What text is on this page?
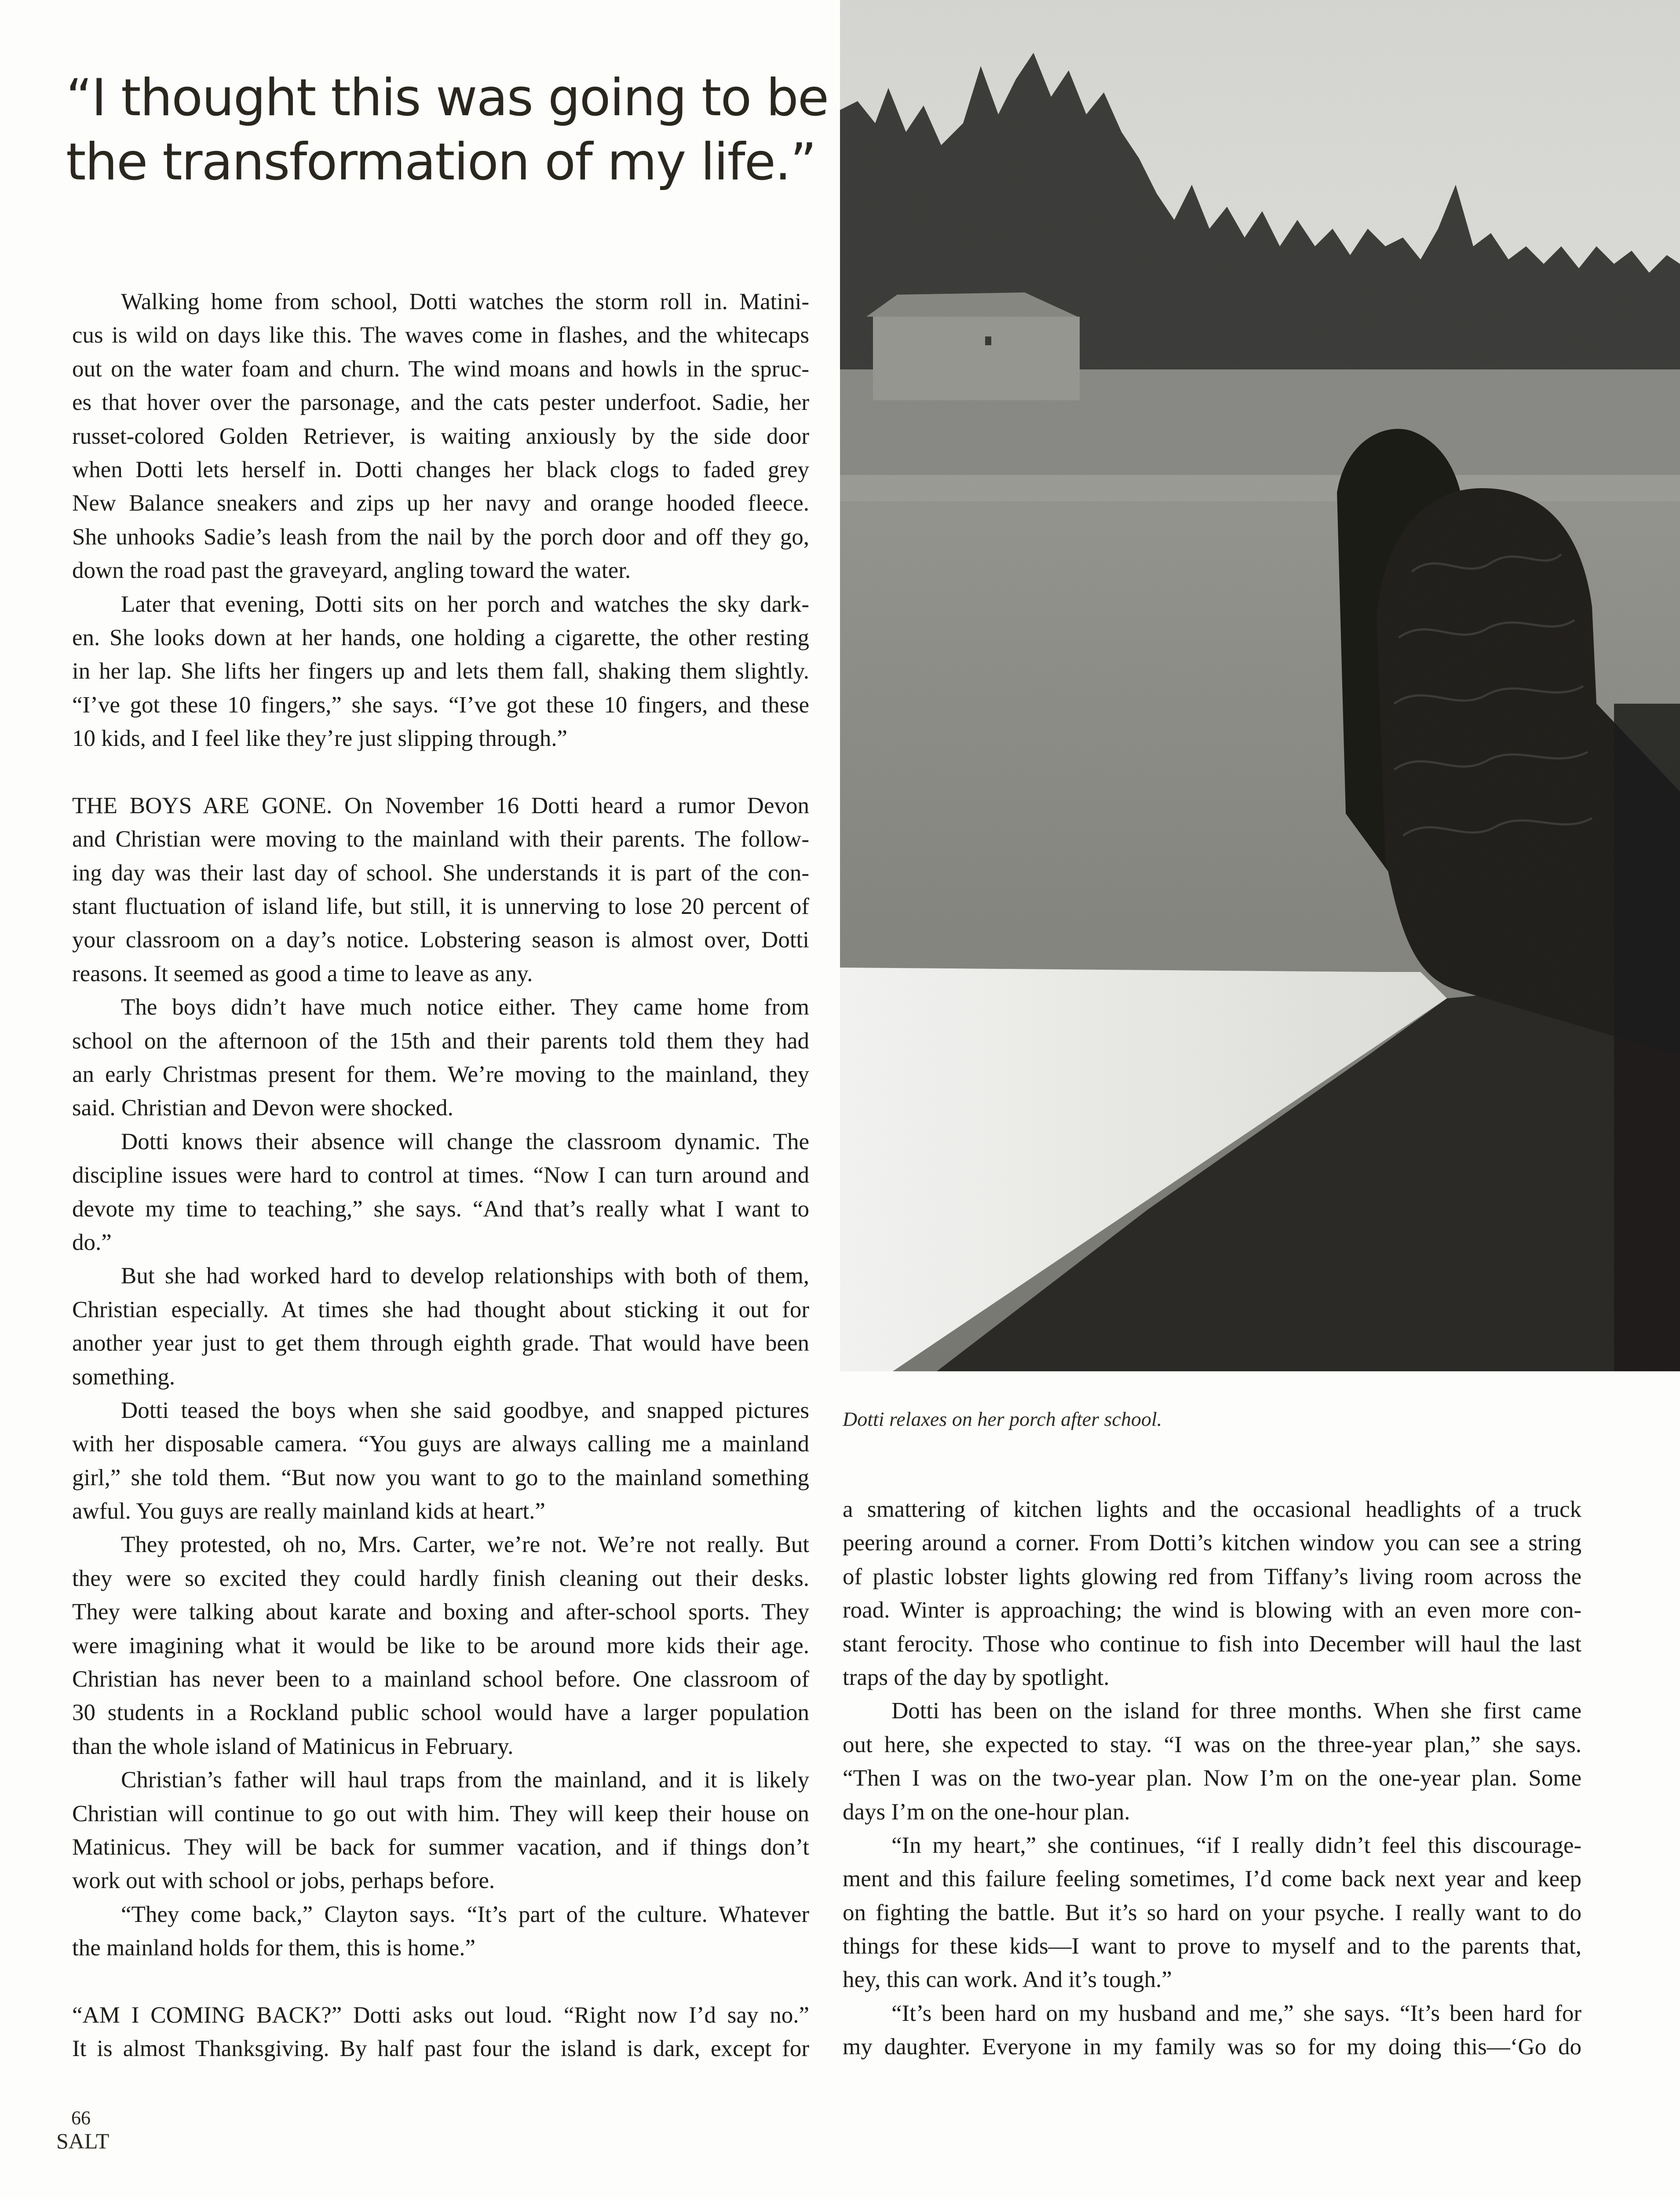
“I thought this was going to be
the transformation of my life.”
Dotti relaxes on her porch after school.

Walking home from school, Dotti watches the storm roll in. Matini-
cus is wild on days like this. The waves come in flashes, and the whitecaps
out on the water foam and churn. The wind moans and howls in the spruc-
es that hover over the parsonage, and the cats pester underfoot. Sadie, her
russet-colored Golden Retriever, is waiting anxiously by the side door
when Dotti lets herself in. Dotti changes her black clogs to faded grey
New Balance sneakers and zips up her navy and orange hooded fleece.
She unhooks Sadie’s leash from the nail by the porch door and off they go,
down the road past the graveyard, angling toward the water.

Later that evening, Dotti sits on her porch and watches the sky dark-
en. She looks down at her hands, one holding a cigarette, the other resting
in her lap. She lifts her fingers up and lets them fall, shaking them slightly.
“I’ve got these 10 fingers,” she says. “I’ve got these 10 fingers, and these
10 kids, and I feel like they’re just slipping through.”

THE BOYS ARE GONE. On November 16 Dotti heard a rumor Devon
and Christian were moving to the mainland with their parents. The follow-
ing day was their last day of school. She understands it is part of the con-
stant fluctuation of island life, but still, it is unnerving to lose 20 percent of
your classroom on a day’s notice. Lobstering season is almost over, Dotti
reasons. It seemed as good a time to leave as any.

The boys didn’t have much notice either. They came home from
school on the afternoon of the 15th and their parents told them they had
an early Christmas present for them. We’re moving to the mainland, they
said. Christian and Devon were shocked.

Dotti knows their absence will change the classroom dynamic. The
discipline issues were hard to control at times. “Now I can turn around and
devote my time to teaching,” she says. “And that’s really what I want to
do.”

But she had worked hard to develop relationships with both of them,
Christian especially. At times she had thought about sticking it out for
another year just to get them through eighth grade. That would have been
something.

Dotti teased the boys when she said goodbye, and snapped pictures
with her disposable camera. “You guys are always calling me a mainland
girl,” she told them. “But now you want to go to the mainland something
awful. You guys are really mainland kids at heart.”

They protested, oh no, Mrs. Carter, we’re not. We’re not really. But
they were so excited they could hardly finish cleaning out their desks.
They were talking about karate and boxing and after-school sports. They
were imagining what it would be like to be around more kids their age.
Christian has never been to a mainland school before. One classroom of
30 students in a Rockland public school would have a larger population
than the whole island of Matinicus in February.

Christian’s father will haul traps from the mainland, and it is likely
Christian will continue to go out with him. They will keep their house on
Matinicus. They will be back for summer vacation, and if things don’t
work out with school or jobs, perhaps before.

“They come back,” Clayton says. “It’s part of the culture. Whatever
the mainland holds for them, this is home.”

“AM I COMING BACK?” Dotti asks out loud. “Right now I’d say no.”
It is almost Thanksgiving. By half past four the island is dark, except for

a smattering of kitchen lights and the occasional headlights of a truck
peering around a corner. From Dotti’s kitchen window you can see a string
of plastic lobster lights glowing red from Tiffany’s living room across the
road. Winter is approaching; the wind is blowing with an even more con-
stant ferocity. Those who continue to fish into December will haul the last
traps of the day by spotlight.

Dotti has been on the island for three months. When she first came
out here, she expected to stay. “I was on the three-year plan,” she says.
“Then I was on the two-year plan. Now I’m on the one-year plan. Some
days I’m on the one-hour plan.

“In my heart,” she continues, “if I really didn’t feel this discourage-
ment and this failure feeling sometimes, I’d come back next year and keep
on fighting the battle. But it’s so hard on your psyche. I really want to do
things for these kids—I want to prove to myself and to the parents that,
hey, this can work. And it’s tough.”

“It’s been hard on my husband and me,” she says. “It’s been hard for
my daughter. Everyone in my family was so for my doing this—‘Go do

66
SALT
